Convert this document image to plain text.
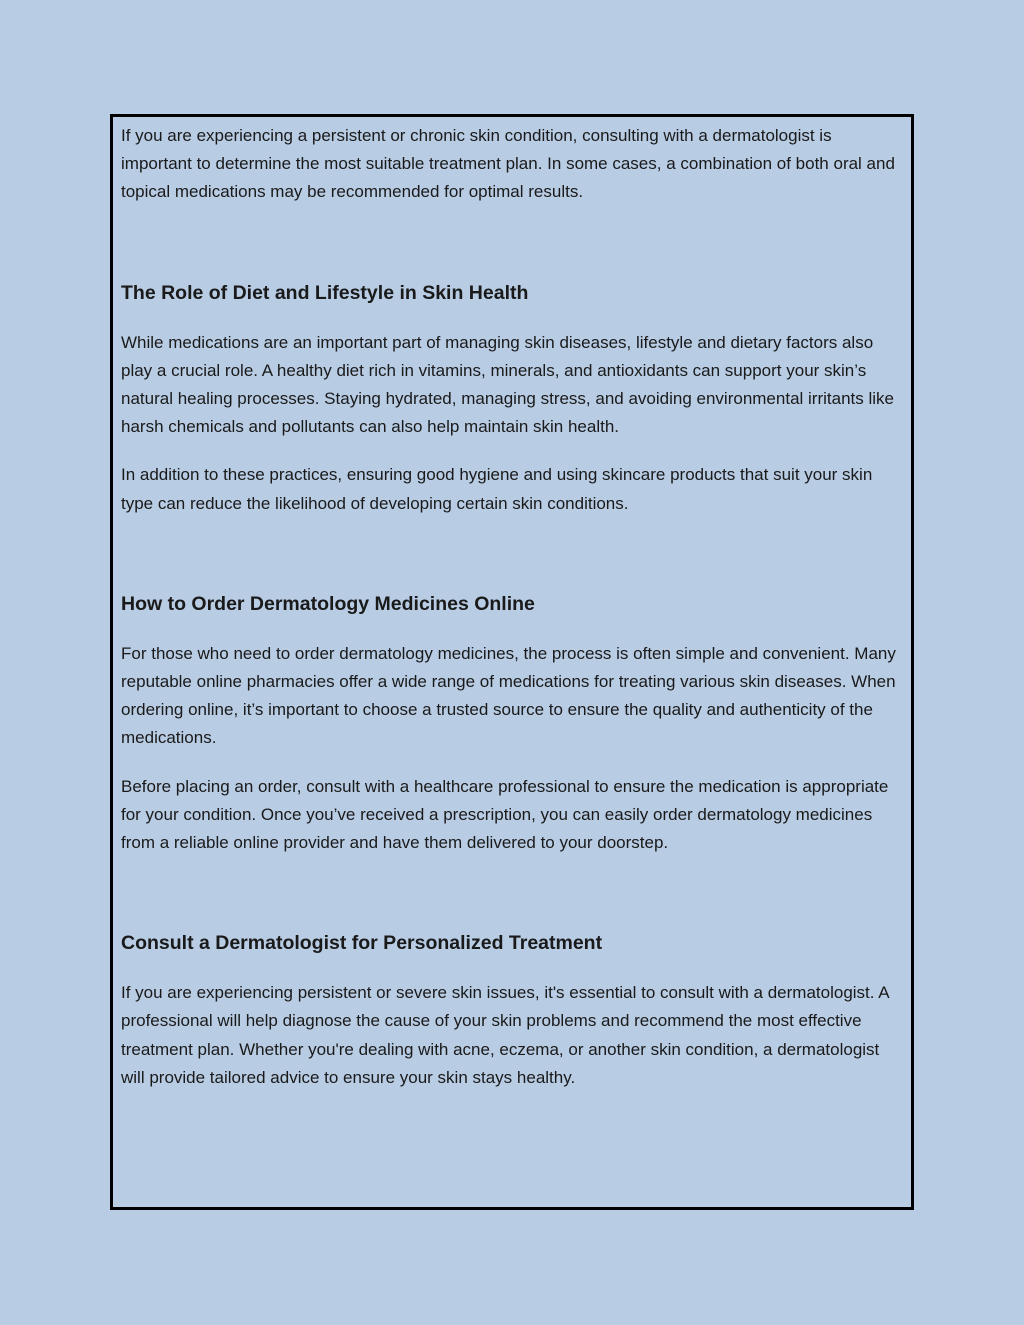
If you are experiencing a persistent or chronic skin condition, consulting with a dermatologist is important to determine the most suitable treatment plan. In some cases, a combination of both oral and topical medications may be recommended for optimal results.

The Role of Diet and Lifestyle in Skin Health

While medications are an important part of managing skin diseases, lifestyle and dietary factors also play a crucial role. A healthy diet rich in vitamins, minerals, and antioxidants can support your skin’s natural healing processes. Staying hydrated, managing stress, and avoiding environmental irritants like harsh chemicals and pollutants can also help maintain skin health.

In addition to these practices, ensuring good hygiene and using skincare products that suit your skin type can reduce the likelihood of developing certain skin conditions.

How to Order Dermatology Medicines Online

For those who need to order dermatology medicines, the process is often simple and convenient. Many reputable online pharmacies offer a wide range of medications for treating various skin diseases. When ordering online, it’s important to choose a trusted source to ensure the quality and authenticity of the medications.

Before placing an order, consult with a healthcare professional to ensure the medication is appropriate for your condition. Once you’ve received a prescription, you can easily order dermatology medicines from a reliable online provider and have them delivered to your doorstep.

Consult a Dermatologist for Personalized Treatment

If you are experiencing persistent or severe skin issues, it's essential to consult with a dermatologist. A professional will help diagnose the cause of your skin problems and recommend the most effective treatment plan. Whether you're dealing with acne, eczema, or another skin condition, a dermatologist will provide tailored advice to ensure your skin stays healthy.
